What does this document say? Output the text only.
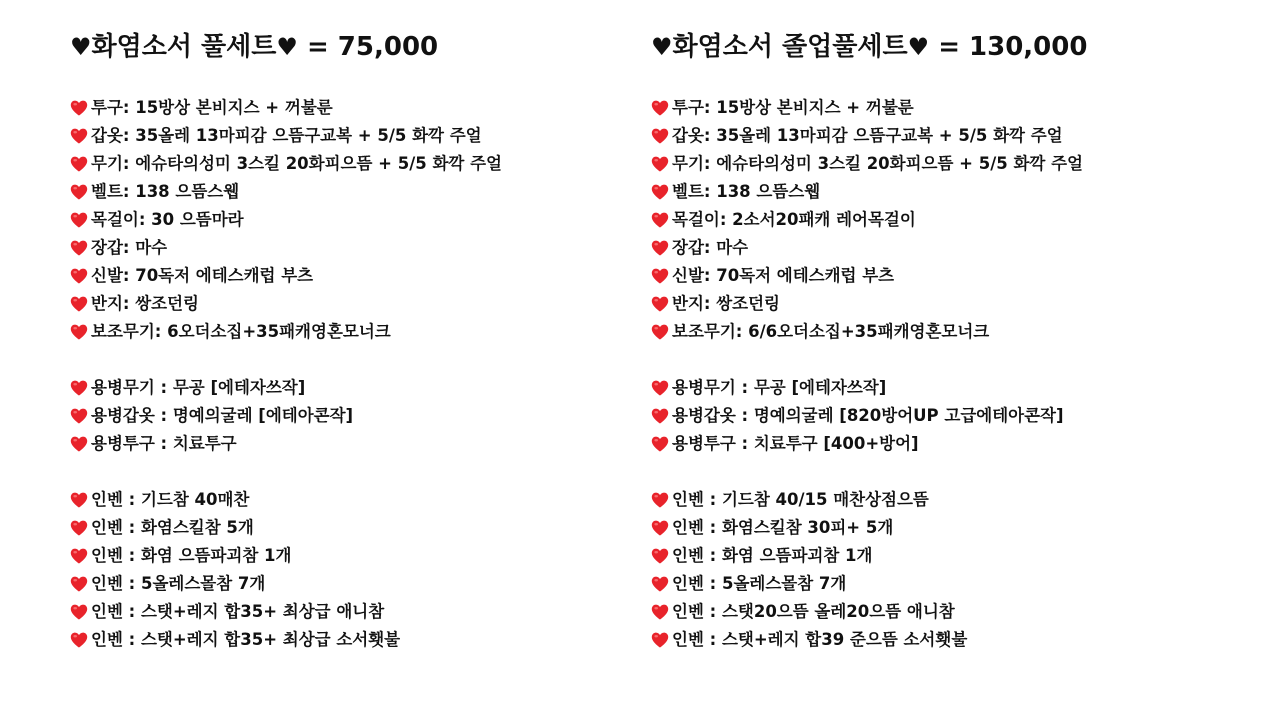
♥화염소서 풀세트♥ = 75,000
투구: 15방상 본비지스 + 꺼불룬
갑옷: 35올레 13마피감 으뜸구교복 + 5/5 화깍 주얼
무기: 에슈타의성미 3스킬 20화피으뜸 + 5/5 화깍 주얼
벨트: 138 으뜸스웹
목걸이: 30 으뜸마라
장갑: 마수
신발: 70독저 에테스캐럽 부츠
반지: 쌍조던링
보조무기: 6오더소집+35패캐영혼모너크
용병무기 : 무공 [에테자쓰작]
용병갑옷 : 명예의굴레 [에테아콘작]
용병투구 : 치료투구
인벤 : 기드참 40매찬
인벤 : 화염스킬참 5개
인벤 : 화염 으뜸파괴참 1개
인벤 : 5올레스몰참 7개
인벤 : 스탯+레지 합35+ 최상급 애니참
인벤 : 스탯+레지 합35+ 최상급 소서횃불
♥화염소서 졸업풀세트♥ = 130,000
투구: 15방상 본비지스 + 꺼불룬
갑옷: 35올레 13마피감 으뜸구교복 + 5/5 화깍 주얼
무기: 에슈타의성미 3스킬 20화피으뜸 + 5/5 화깍 주얼
벨트: 138 으뜸스웹
목걸이: 2소서20패캐 레어목걸이
장갑: 마수
신발: 70독저 에테스캐럽 부츠
반지: 쌍조던링
보조무기: 6/6오더소집+35패캐영혼모너크
용병무기 : 무공 [에테자쓰작]
용병갑옷 : 명예의굴레 [820방어UP 고급에테아콘작]
용병투구 : 치료투구 [400+방어]
인벤 : 기드참 40/15 매찬상점으뜸
인벤 : 화염스킬참 30피+ 5개
인벤 : 화염 으뜸파괴참 1개
인벤 : 5올레스몰참 7개
인벤 : 스탯20으뜸 올레20으뜸 애니참
인벤 : 스탯+레지 합39 준으뜸 소서횃불
